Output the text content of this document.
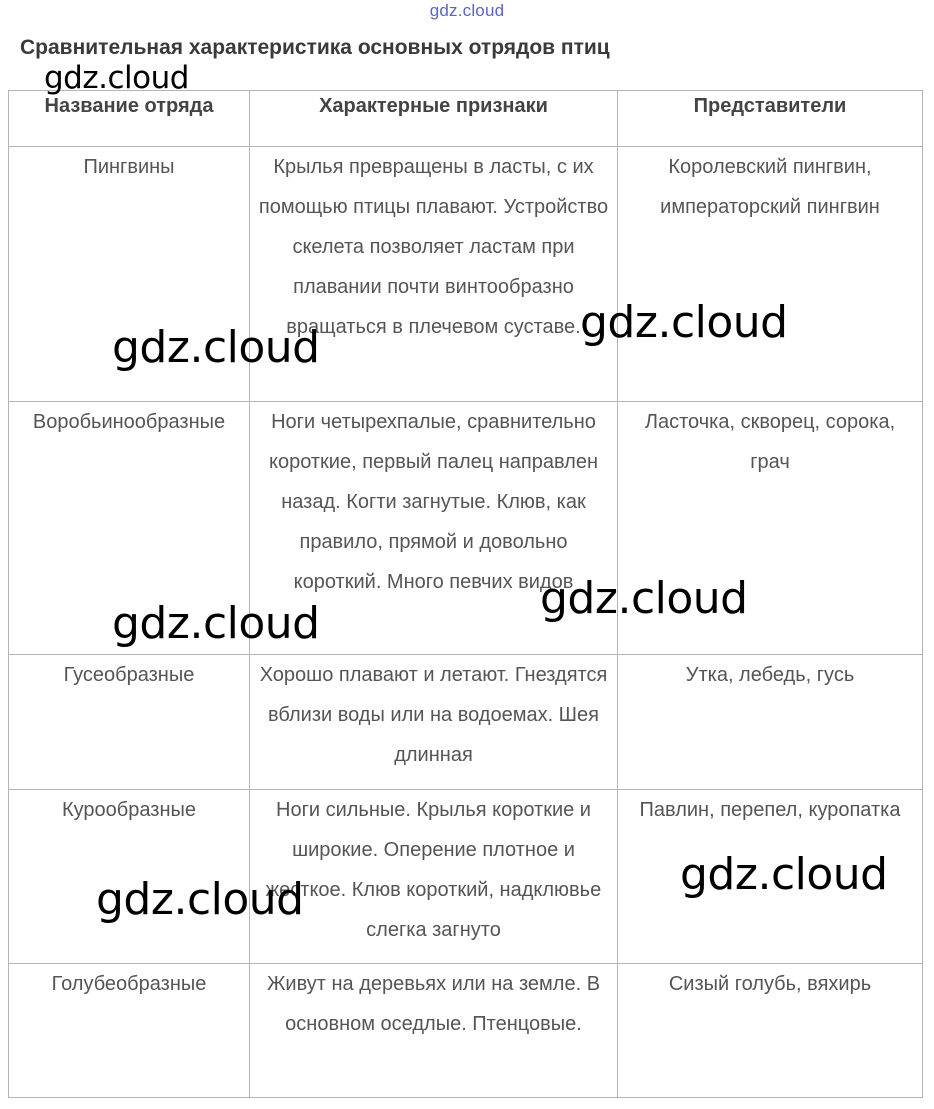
gdz.cloud
Сравнительная характеристика основных отрядов птиц
Название отряда	Характерные признаки	Представители
Пингвины	Крылья превращены в ласты, с их помощью птицы плавают. Устройство скелета позволяет ластам при плавании почти винтообразно вращаться в плечевом суставе.	Королевский пингвин, императорский пингвин
Воробьинообразные	Ноги четырехпалые, сравнительно короткие, первый палец направлен назад. Когти загнутые. Клюв, как правило, прямой и довольно короткий. Много певчих видов	Ласточка, скворец, сорока, грач
Гусеобразные	Хорошо плавают и летают. Гнездятся вблизи воды или на водоемах. Шея длинная	Утка, лебедь, гусь
Курообразные	Ноги сильные. Крылья короткие и широкие. Оперение плотное и жесткое. Клюв короткий, надклювье слегка загнуто	Павлин, перепел, куропатка
Голубеобразные	Живут на деревьях или на земле. В основном оседлые. Птенцовые.	Сизый голубь, вяхирь
gdz.cloud
gdz.cloud	gdz.cloud
gdz.cloud	gdz.cloud
gdz.cloud	gdz.cloud
